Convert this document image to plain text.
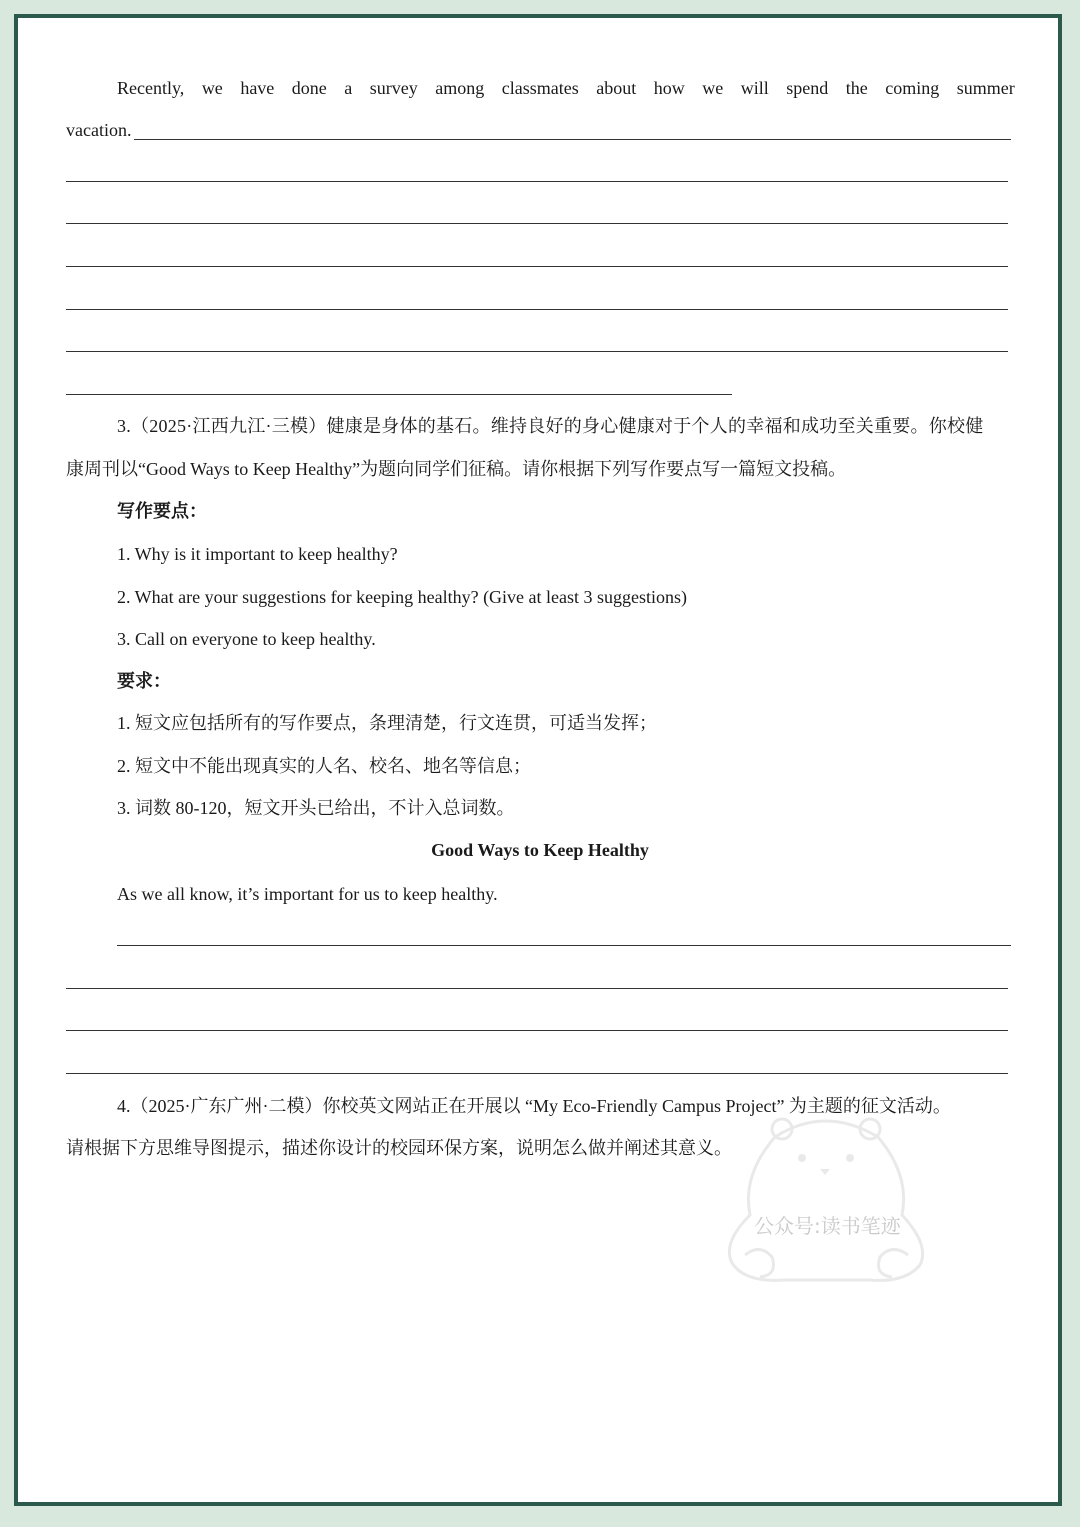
Recently, we have done a survey among classmates about how we will spend the coming summer
vacation.
3.（2025·江西九江·三模）健康是身体的基石。维持良好的身心健康对于个人的幸福和成功至关重要。你校健
康周刊以“Good Ways to Keep Healthy”为题向同学们征稿。请你根据下列写作要点写一篇短文投稿。
写作要点：
1. Why is it important to keep healthy?
2. What are your suggestions for keeping healthy? (Give at least 3 suggestions)
3. Call on everyone to keep healthy.
要求：
1. 短文应包括所有的写作要点，条理清楚，行文连贯，可适当发挥；
2. 短文中不能出现真实的人名、校名、地名等信息；
3. 词数 80-120，短文开头已给出，不计入总词数。
Good Ways to Keep Healthy
As we all know, it’s important for us to keep healthy.
4.（2025·广东广州·二模）你校英文网站正在开展以 “My Eco-Friendly Campus Project” 为主题的征文活动。
请根据下方思维导图提示，描述你设计的校园环保方案，说明怎么做并阐述其意义。
公众号:读书笔迹
